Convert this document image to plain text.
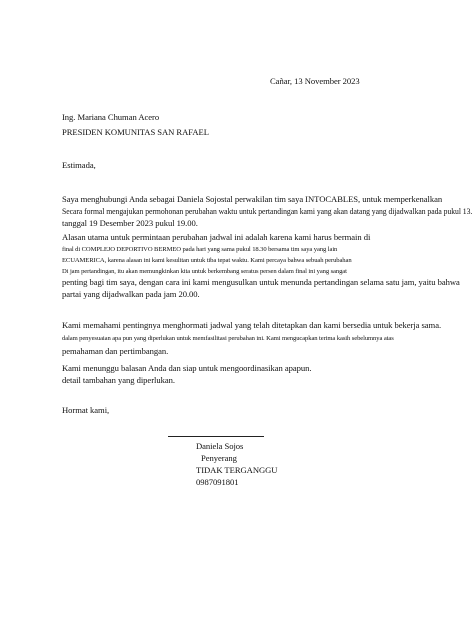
Cañar, 13 November 2023
Ing. Mariana Chuman Acero
PRESIDEN KOMUNITAS SAN RAFAEL
Estimada,
Saya menghubungi Anda sebagai Daniela Sojostal perwakilan tim saya INTOCABLES, untuk memperkenalkan
Secara formal mengajukan permohonan perubahan waktu untuk pertandingan kami yang akan datang yang dijadwalkan pada pukul 13.
tanggal 19 Desember 2023 pukul 19.00.
Alasan utama untuk permintaan perubahan jadwal ini adalah karena kami harus bermain di
final di COMPLEJO DEPORTIVO BERMEO pada hari yang sama pukul 18.30 bersama tim saya yang lain
ECUAMERICA, karena alasan ini kami kesulitan untuk tiba tepat waktu. Kami percaya bahwa sebuah perubahan
Di jam pertandingan, itu akan memungkinkan kita untuk berkembang seratus persen dalam final ini yang sangat
penting bagi tim saya, dengan cara ini kami mengusulkan untuk menunda pertandingan selama satu jam, yaitu bahwa
partai yang dijadwalkan pada jam 20.00.
Kami memahami pentingnya menghormati jadwal yang telah ditetapkan dan kami bersedia untuk bekerja sama.
dalam penyesuaian apa pun yang diperlukan untuk memfasilitasi perubahan ini. Kami mengucapkan terima kasih sebelumnya atas
pemahaman dan pertimbangan.
Kami menunggu balasan Anda dan siap untuk mengoordinasikan apapun.
detail tambahan yang diperlukan.
Hormat kami,
Daniela Sojos
Penyerang
TIDAK TERGANGGU
0987091801
